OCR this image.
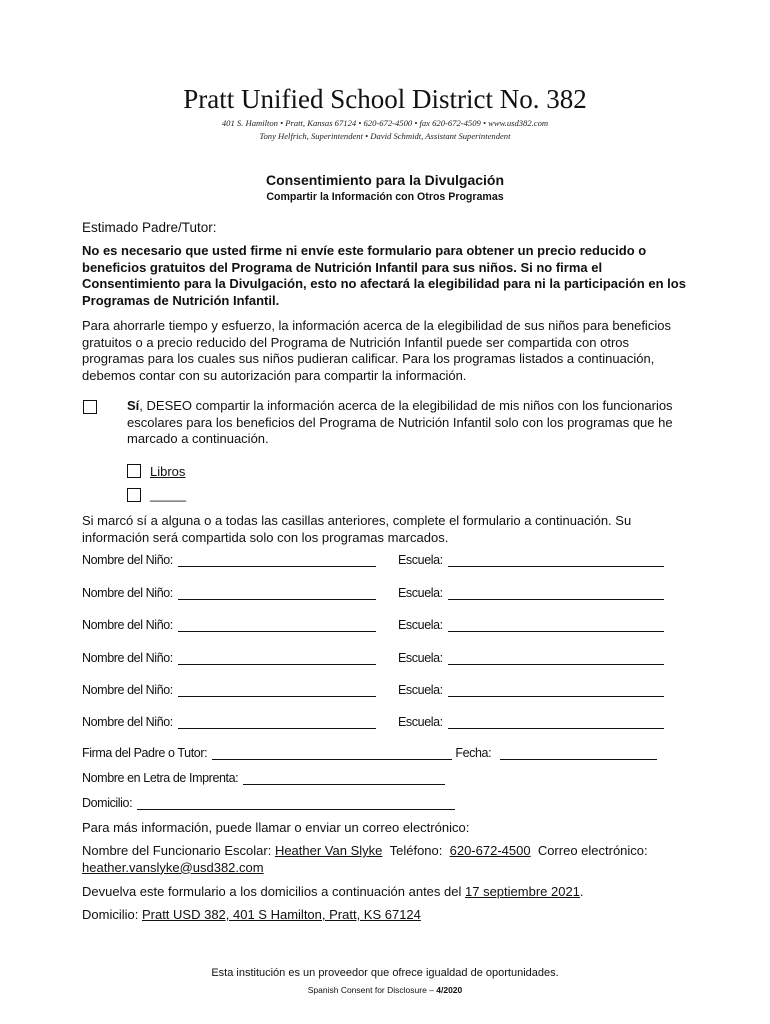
Pratt Unified School District No. 382
401 S. Hamilton • Pratt, Kansas 67124 • 620-672-4500 • fax 620-672-4509 • www.usd382.com
Tony Helfrich, Superintendent • David Schmidt, Assistant Superintendent
Consentimiento para la Divulgación
Compartir la Información con Otros Programas
Estimado Padre/Tutor:
No es necesario que usted firme ni envíe este formulario para obtener un precio reducido o beneficios gratuitos del Programa de Nutrición Infantil para sus niños. Si no firma el Consentimiento para la Divulgación, esto no afectará la elegibilidad para ni la participación en los Programas de Nutrición Infantil.
Para ahorrarle tiempo y esfuerzo, la información acerca de la elegibilidad de sus niños para beneficios gratuitos o a precio reducido del Programa de Nutrición Infantil puede ser compartida con otros programas para los cuales sus niños pudieran calificar. Para los programas listados a continuación, debemos contar con su autorización para compartir la información.
Sí, DESEO compartir la información acerca de la elegibilidad de mis niños con los funcionarios escolares para los beneficios del Programa de Nutrición Infantil solo con los programas que he marcado a continuación.
Libros
_____
Si marcó sí a alguna o a todas las casillas anteriores, complete el formulario a continuación. Su información será compartida solo con los programas marcados.
Nombre del Niño:	Escuela:
Nombre del Niño:	Escuela:
Nombre del Niño:	Escuela:
Nombre del Niño:	Escuela:
Nombre del Niño:	Escuela:
Nombre del Niño:	Escuela:
Firma del Padre o Tutor:	Fecha:
Nombre en Letra de Imprenta:
Domicilio:
Para más información, puede llamar o enviar un correo electrónico:
Nombre del Funcionario Escolar: Heather Van Slyke Teléfono: 620-672-4500 Correo electrónico:
heather.vanslyke@usd382.com
Devuelva este formulario a los domicilios a continuación antes del 17 septiembre 2021.
Domicilio: Pratt USD 382, 401 S Hamilton, Pratt, KS 67124
Esta institución es un proveedor que ofrece igualdad de oportunidades.
Spanish Consent for Disclosure – 4/2020
